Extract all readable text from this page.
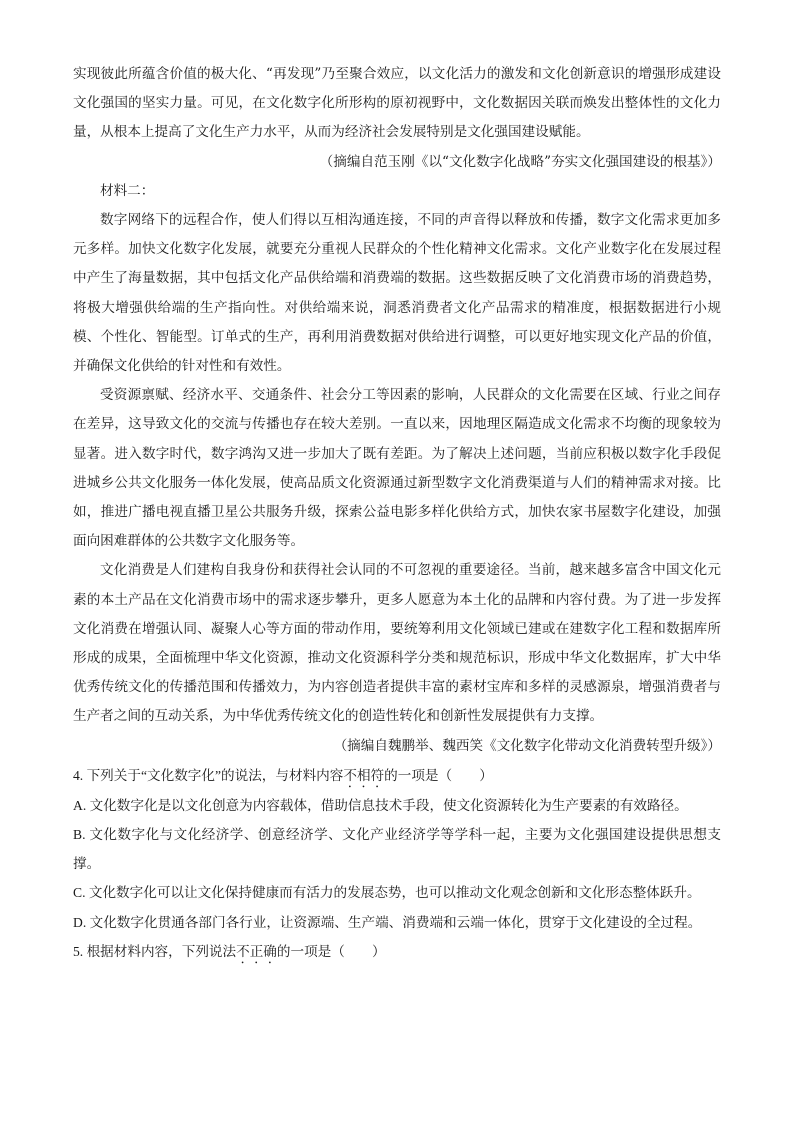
实现彼此所蕴含价值的极大化、“再发现”乃至聚合效应，以文化活力的激发和文化创新意识的增强形成建设文化强国的坚实力量。可见，在文化数字化所形构的原初视野中，文化数据因关联而焕发出整体性的文化力量，从根本上提高了文化生产力水平，从而为经济社会发展特别是文化强国建设赋能。

（摘编自范玉刚《以“文化数字化战略”夯实文化强国建设的根基》）

材料二：

数字网络下的远程合作，使人们得以互相沟通连接，不同的声音得以释放和传播，数字文化需求更加多元多样。加快文化数字化发展，就要充分重视人民群众的个性化精神文化需求。文化产业数字化在发展过程中产生了海量数据，其中包括文化产品供给端和消费端的数据。这些数据反映了文化消费市场的消费趋势，将极大增强供给端的生产指向性。对供给端来说，洞悉消费者文化产品需求的精准度，根据数据进行小规模、个性化、智能型。订单式的生产，再利用消费数据对供给进行调整，可以更好地实现文化产品的价值，并确保文化供给的针对性和有效性。

受资源禀赋、经济水平、交通条件、社会分工等因素的影响，人民群众的文化需要在区域、行业之间存在差异，这导致文化的交流与传播也存在较大差别。一直以来，因地理区隔造成文化需求不均衡的现象较为显著。进入数字时代，数字鸿沟又进一步加大了既有差距。为了解决上述问题，当前应积极以数字化手段促进城乡公共文化服务一体化发展，使高品质文化资源通过新型数字文化消费渠道与人们的精神需求对接。比如，推进广播电视直播卫星公共服务升级，探索公益电影多样化供给方式，加快农家书屋数字化建设，加强面向困难群体的公共数字文化服务等。

文化消费是人们建构自我身份和获得社会认同的不可忽视的重要途径。当前，越来越多富含中国文化元素的本土产品在文化消费市场中的需求逐步攀升，更多人愿意为本土化的品牌和内容付费。为了进一步发挥文化消费在增强认同、凝聚人心等方面的带动作用，要统筹利用文化领域已建或在建数字化工程和数据库所形成的成果，全面梳理中华文化资源，推动文化资源科学分类和规范标识，形成中华文化数据库，扩大中华优秀传统文化的传播范围和传播效力，为内容创造者提供丰富的素材宝库和多样的灵感源泉，增强消费者与生产者之间的互动关系，为中华优秀传统文化的创造性转化和创新性发展提供有力支撑。

（摘编自魏鹏举、魏西笑《文化数字化带动文化消费转型升级》）

4. 下列关于“文化数字化”的说法，与材料内容不相符的一项是（　　）

A. 文化数字化是以文化创意为内容载体，借助信息技术手段，使文化资源转化为生产要素的有效路径。

B. 文化数字化与文化经济学、创意经济学、文化产业经济学等学科一起，主要为文化强国建设提供思想支撑。

C. 文化数字化可以让文化保持健康而有活力的发展态势，也可以推动文化观念创新和文化形态整体跃升。

D. 文化数字化贯通各部门各行业，让资源端、生产端、消费端和云端一体化，贯穿于文化建设的全过程。

5. 根据材料内容，下列说法不正确的一项是（　　）
